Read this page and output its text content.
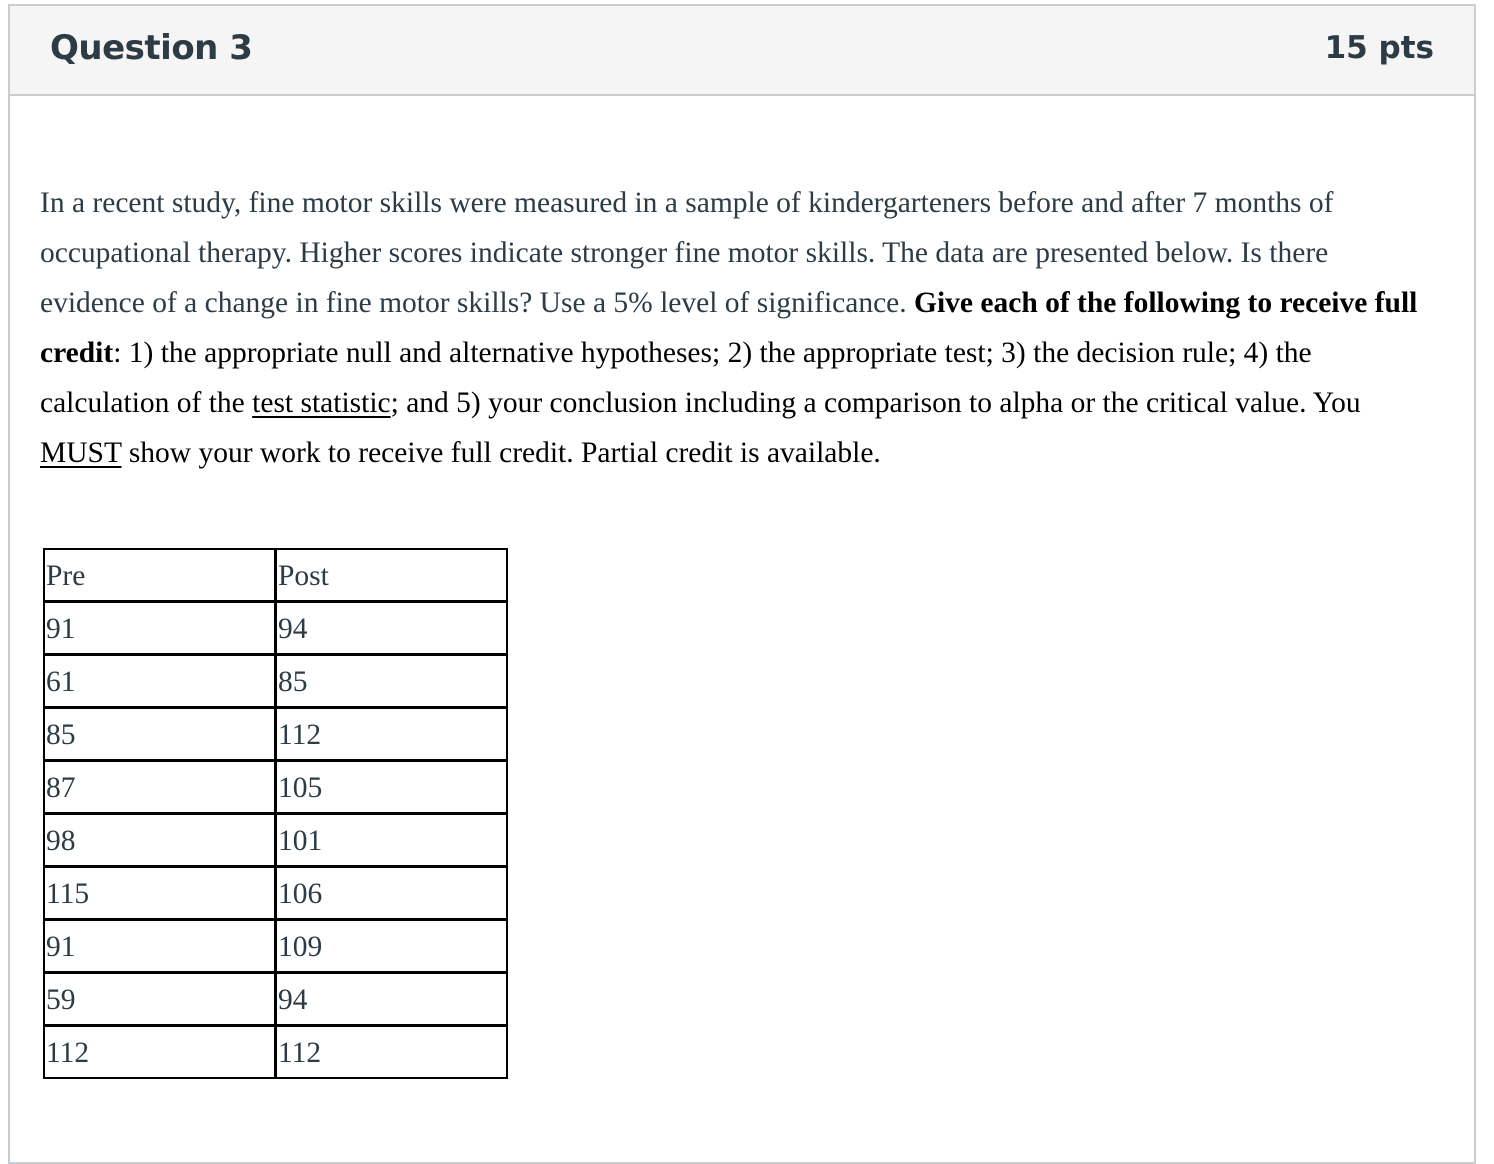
Question 3	15 pts
In a recent study, fine motor skills were measured in a sample of kindergarteners before and after 7 months of occupational therapy. Higher scores indicate stronger fine motor skills. The data are presented below. Is there evidence of a change in fine motor skills? Use a 5% level of significance. Give each of the following to receive full credit: 1) the appropriate null and alternative hypotheses; 2) the appropriate test; 3) the decision rule; 4) the calculation of the test statistic; and 5) your conclusion including a comparison to alpha or the critical value. You MUST show your work to receive full credit. Partial credit is available.
Pre	Post
91	94
61	85
85	112
87	105
98	101
115	106
91	109
59	94
112	112
